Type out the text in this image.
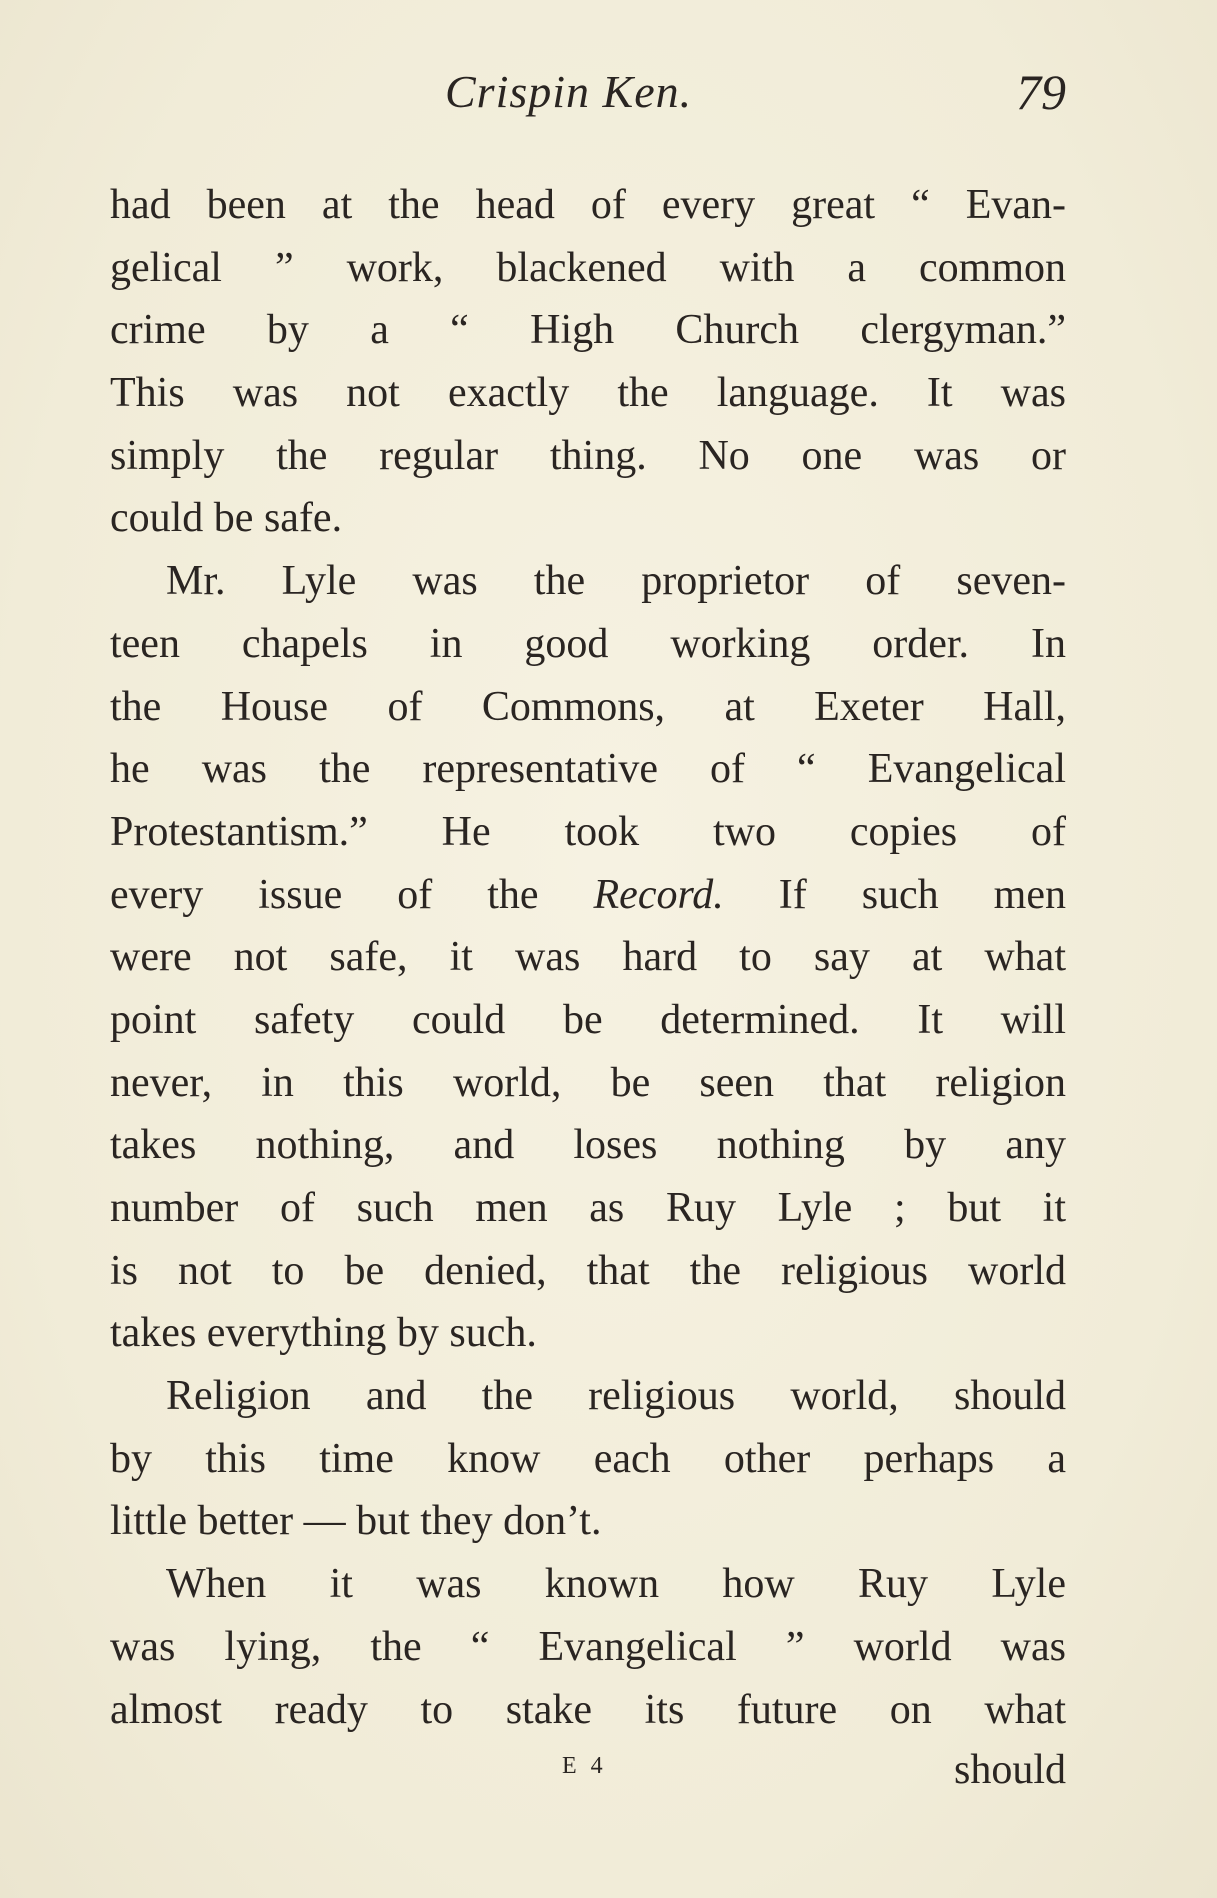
Crispin Ken.	79
had been at the head of every great “ Evan-
gelical ” work, blackened with a common
crime by a “ High Church clergyman.”
This was not exactly the language. It was
simply the regular thing. No one was or
could be safe.
Mr. Lyle was the proprietor of seven-
teen chapels in good working order. In
the House of Commons, at Exeter Hall,
he was the representative of “ Evangelical
Protestantism.” He took two copies of
every issue of the Record. If such men
were not safe, it was hard to say at what
point safety could be determined. It will
never, in this world, be seen that religion
takes nothing, and loses nothing by any
number of such men as Ruy Lyle ; but it
is not to be denied, that the religious world
takes everything by such.
Religion and the religious world, should
by this time know each other perhaps a
little better — but they don’t.
When it was known how Ruy Lyle
was lying, the “ Evangelical ” world was
almost ready to stake its future on what
E 4	should
